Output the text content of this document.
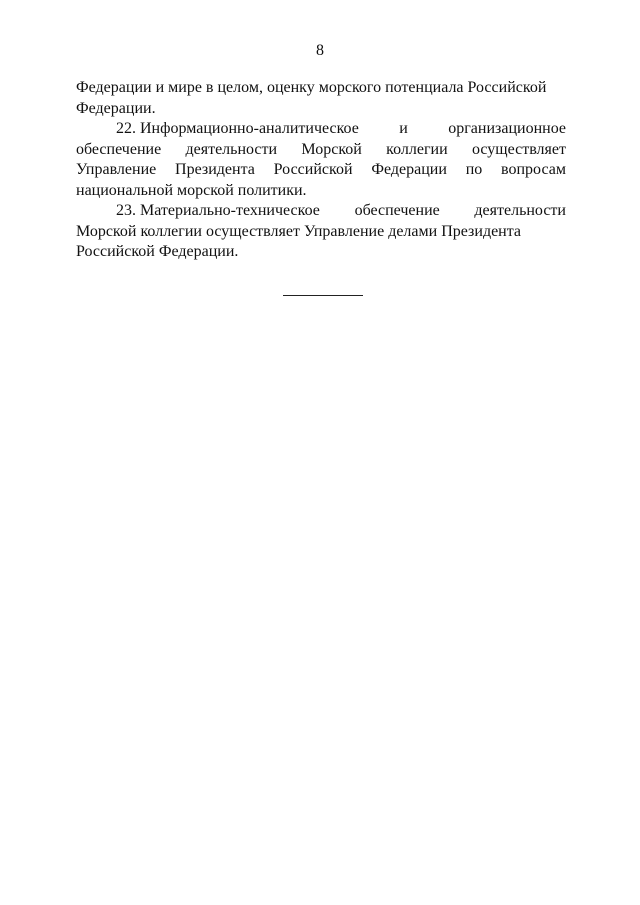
8
Федерации и мире в целом, оценку морского потенциала Российской
Федерации.
22. Информационно-аналитическое	и	организационное
обеспечение деятельности Морской коллегии осуществляет
Управление Президента Российской Федерации по вопросам
национальной морской политики.
23. Материально-техническое обеспечение деятельности
Морской коллегии осуществляет Управление делами Президента
Российской Федерации.
